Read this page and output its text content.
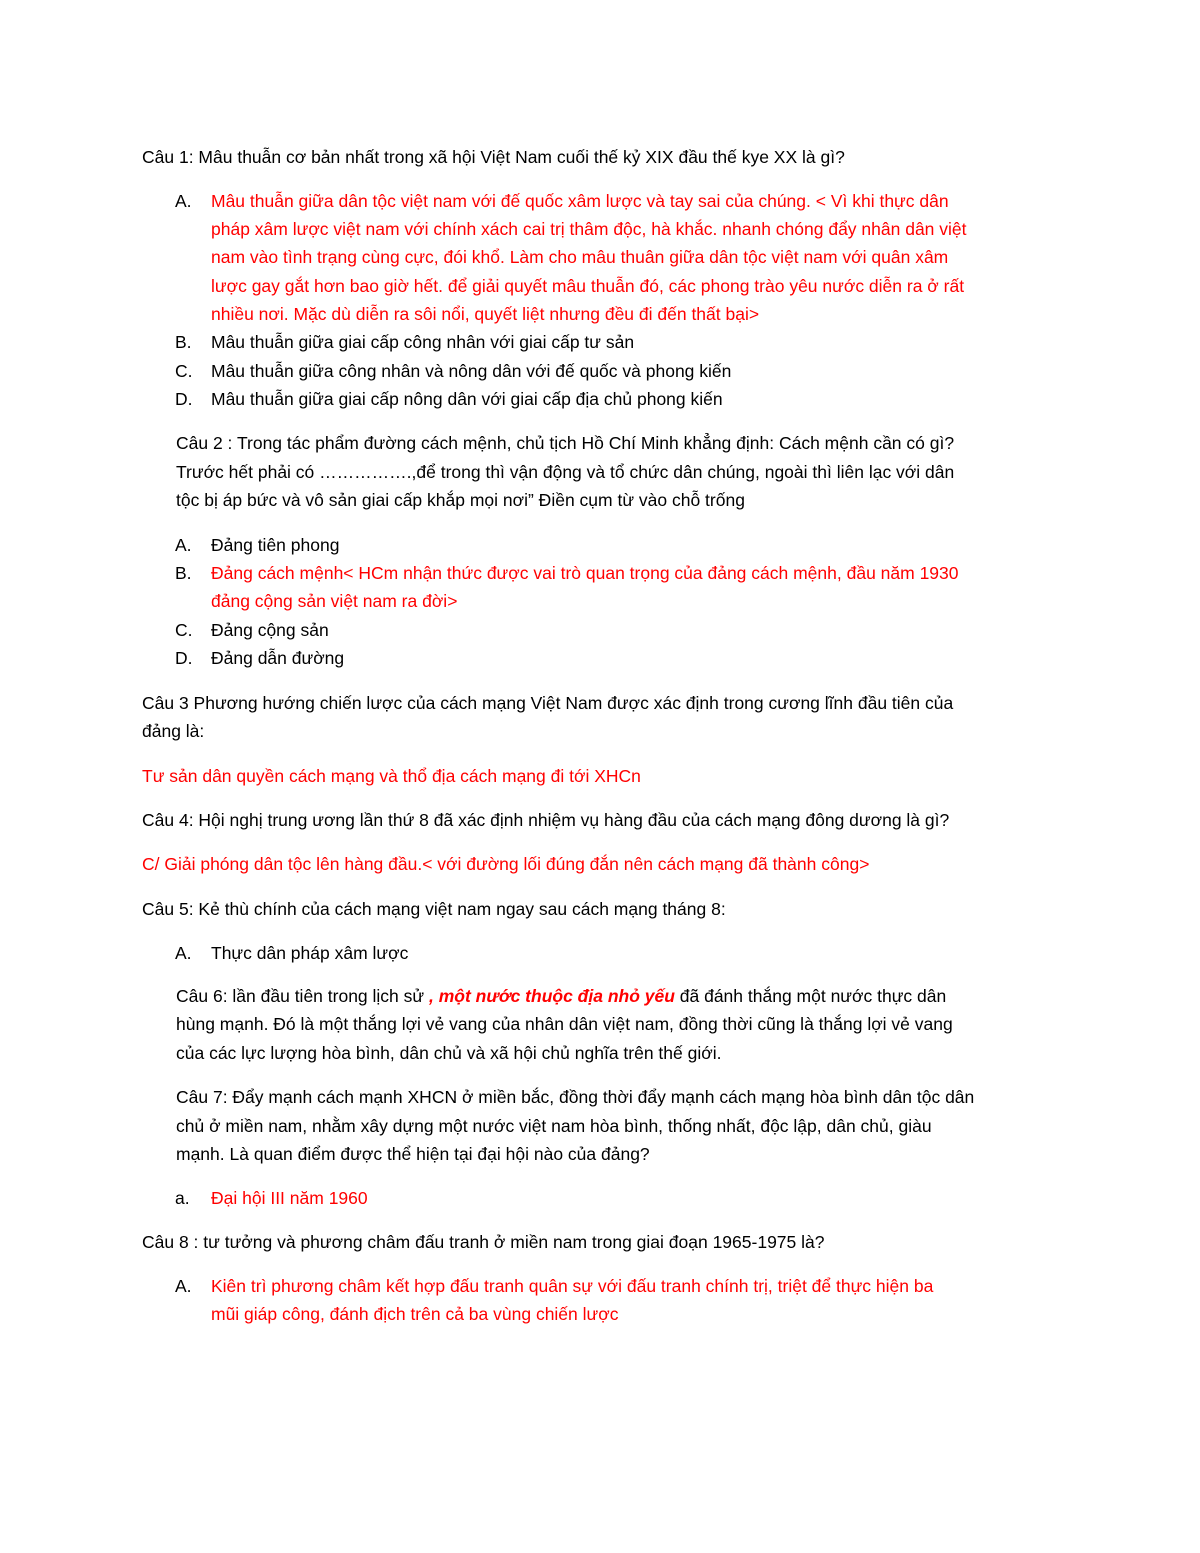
Câu 1: Mâu thuẫn cơ bản nhất trong xã hội Việt Nam cuối thế kỷ XIX đầu thế kye XX là gì?
A.	Mâu thuẫn giữa dân tộc việt nam với đế quốc xâm lược và tay sai của chúng. < Vì khi thực dân
pháp xâm lược việt nam với chính xách cai trị thâm độc, hà khắc. nhanh chóng đẩy nhân dân việt
nam vào tình trạng cùng cực, đói khổ. Làm cho mâu thuân giữa dân tộc việt nam với quân xâm
lược gay gắt hơn bao giờ hết. để giải quyết mâu thuẫn đó, các phong trào yêu nước diễn ra ở rất
nhiều nơi. Mặc dù diễn ra sôi nổi, quyết liệt nhưng đều đi đến thất bại>
B.	Mâu thuẫn giữa giai cấp công nhân với giai cấp tư sản
C. Mâu thuẫn giữa công nhân và nông dân với đế quốc và phong kiến
D. Mâu thuẫn giữa giai cấp nông dân với giai cấp địa chủ phong kiến
Câu 2 : Trong tác phẩm đường cách mệnh, chủ tịch Hồ Chí Minh khẳng định: Cách mệnh cần có gì?
Trước hết phải có …………….,để trong thì vận động và tổ chức dân chúng, ngoài thì liên lạc với dân
tộc bị áp bức và vô sản giai cấp khắp mọi nơi” Điền cụm từ vào chỗ trống
A.	Đảng tiên phong
B.	Đảng cách mệnh< HCm nhận thức được vai trò quan trọng của đảng cách mệnh, đầu năm 1930
đảng cộng sản việt nam ra đời>
C. Đảng cộng sản
D. Đảng dẫn đường
Câu 3 Phương hướng chiến lược của cách mạng Việt Nam được xác định trong cương lĩnh đầu tiên của
đảng là:
Tư sản dân quyền cách mạng và thổ địa cách mạng đi tới XHCn
Câu 4: Hội nghị trung ương lần thứ 8 đã xác định nhiệm vụ hàng đầu của cách mạng đông dương là gì?
C/ Giải phóng dân tộc lên hàng đầu.< với đường lối đúng đắn nên cách mạng đã thành công>
Câu 5: Kẻ thù chính của cách mạng việt nam ngay sau cách mạng tháng 8:
A.	Thực dân pháp xâm lược
Câu 6: lần đầu tiên trong lịch sử , một nước thuộc địa nhỏ yếu đã đánh thắng một nước thực dân
hùng mạnh. Đó là một thắng lợi vẻ vang của nhân dân việt nam, đồng thời cũng là thắng lợi vẻ vang
của các lực lượng hòa bình, dân chủ và xã hội chủ nghĩa trên thế giới.
Câu 7: Đẩy mạnh cách mạnh XHCN ở miền bắc, đồng thời đẩy mạnh cách mạng hòa bình dân tộc dân
chủ ở miền nam, nhằm xây dựng một nước việt nam hòa bình, thống nhất, độc lập, dân chủ, giàu
mạnh. Là quan điểm được thể hiện tại đại hội nào của đảng?
a.	Đại hội III năm 1960
Câu 8 : tư tưởng và phương châm đấu tranh ở miền nam trong giai đoạn 1965-1975 là?
A.	Kiên trì phương châm kết hợp đấu tranh quân sự với đấu tranh chính trị, triệt để thực hiện ba
mũi giáp công, đánh địch trên cả ba vùng chiến lược
